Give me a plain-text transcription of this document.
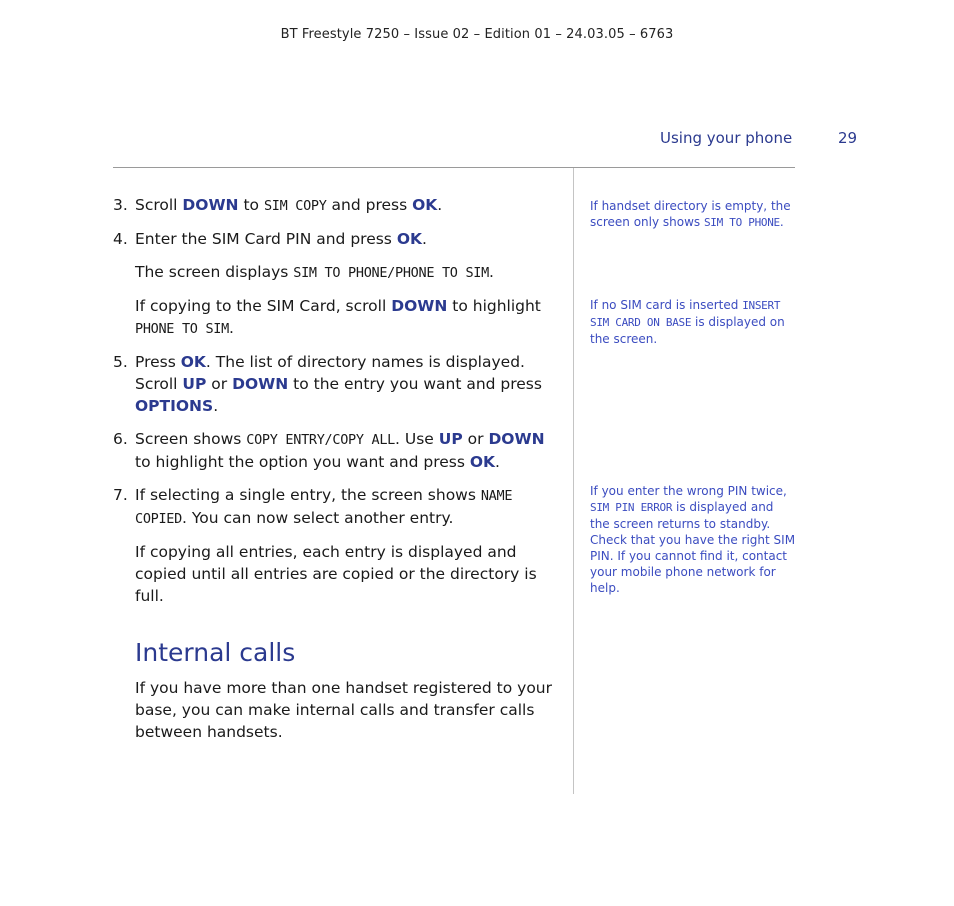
BT Freestyle 7250 – Issue 02 – Edition 01 – 24.03.05 – 6763
Using your phone	29
3. Scroll DOWN to SIM COPY and press OK.
4. Enter the SIM Card PIN and press OK.
The screen displays SIM TO PHONE/PHONE TO SIM.
If copying to the SIM Card, scroll DOWN to highlight PHONE TO SIM.
5. Press OK. The list of directory names is displayed. Scroll UP or DOWN to the entry you want and press OPTIONS.
6. Screen shows COPY ENTRY/COPY ALL. Use UP or DOWN to highlight the option you want and press OK.
7. If selecting a single entry, the screen shows NAME COPIED. You can now select another entry.
If copying all entries, each entry is displayed and copied until all entries are copied or the directory is full.
Internal calls
If you have more than one handset registered to your base, you can make internal calls and transfer calls between handsets.
If handset directory is empty, the screen only shows SIM TO PHONE.
If no SIM card is inserted INSERT SIM CARD ON BASE is displayed on the screen.
If you enter the wrong PIN twice, SIM PIN ERROR is displayed and the screen returns to standby. Check that you have the right SIM PIN. If you cannot find it, contact your mobile phone network for help.
